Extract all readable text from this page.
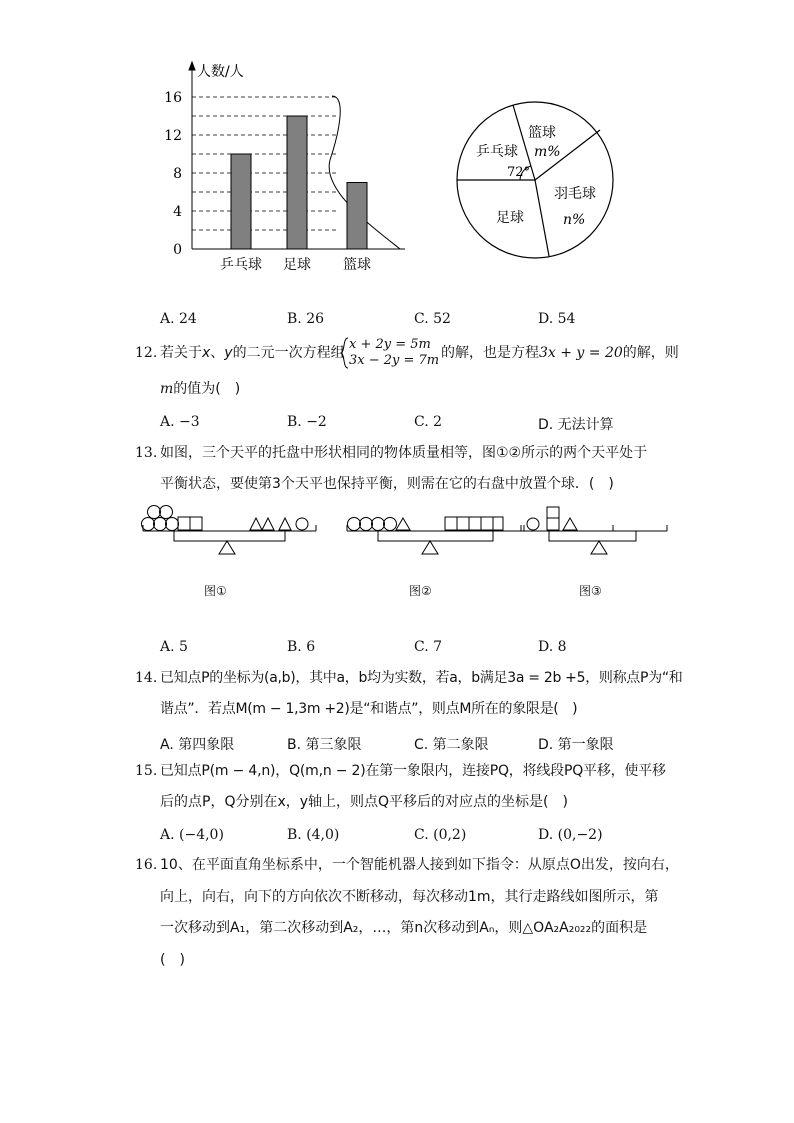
人数/人
0
4
8
12
16
乒乓球 足球 篮球
乒乓球
篮球
m%
72°
羽毛球
n%
足球
A. 24	B. 26	C. 52	D. 54
12. 若关于x、y的二元一次方程组
x + 2y = 5m
3x − 2y = 7m 的解，也是方程3x + y = 20的解，则
m的值为(　)
A. −3	B. −2	C. 2	D. 无法计算
13. 如图，三个天平的托盘中形状相同的物体质量相等，图①②所示的两个天平处于
平衡状态，要使第3个天平也保持平衡，则需在它的右盘中放置个球．(　)
图①	图②	图③
A. 5	B. 6	C. 7	D. 8
14. 已知点P的坐标为(a,b)，其中a，b均为实数，若a，b满足3a = 2b +5，则称点P为“和
谐点”．若点M(m − 1,3m +2)是“和谐点”，则点M所在的象限是(　)
A. 第四象限	B. 第三象限	C. 第二象限	D. 第一象限
15. 已知点P(m − 4,n)，Q(m,n − 2)在第一象限内，连接PQ，将线段PQ平移，使平移
后的点P，Q分别在x，y轴上，则点Q平移后的对应点的坐标是(　)
A. (−4,0)	B. (4,0)	C. (0,2)	D. (0,−2)
16. 10、在平面直角坐标系中，一个智能机器人接到如下指令：从原点O出发，按向右，
向上，向右，向下的方向依次不断移动，每次移动1m，其行走路线如图所示，第
一次移动到A₁，第二次移动到A₂，…，第n次移动到Aₙ，则△OA₂A₂₀₂₂的面积是
(　)
